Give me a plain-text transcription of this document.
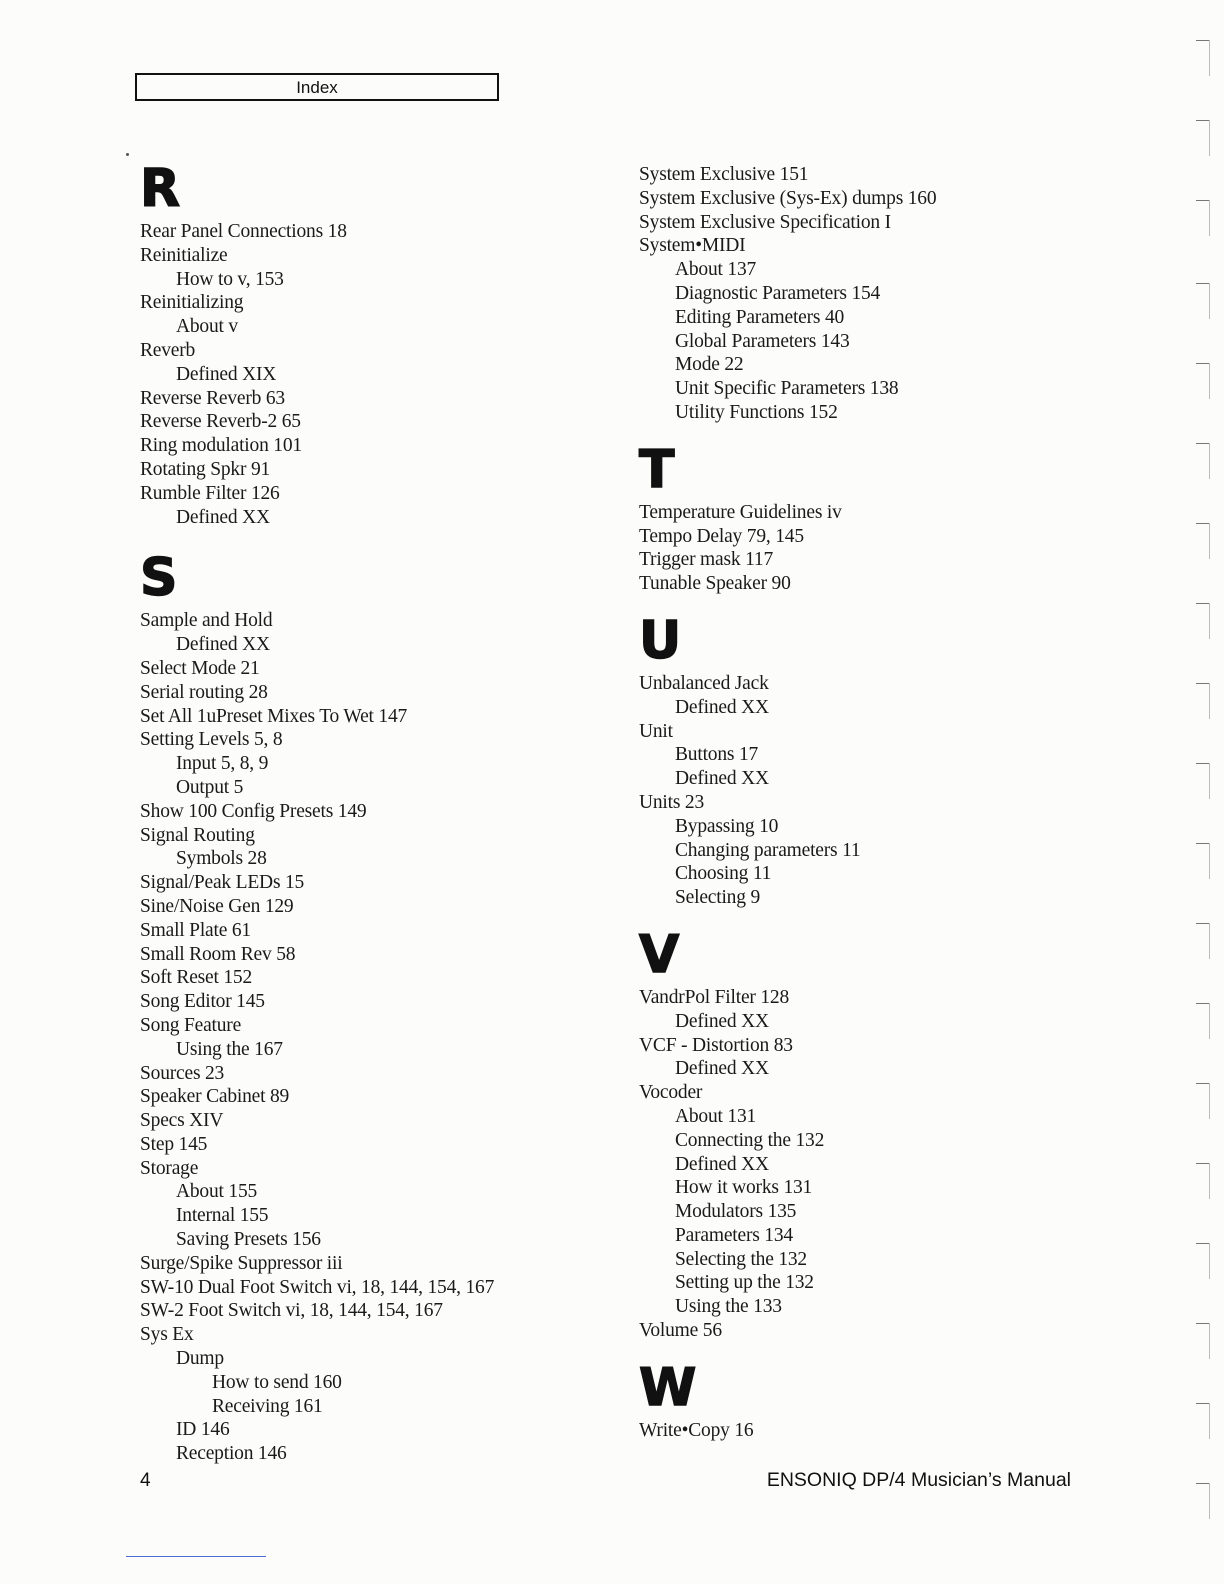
Index
R
Rear Panel Connections 18
Reinitialize
How to v, 153
Reinitializing
About v
Reverb
Defined XIX
Reverse Reverb 63
Reverse Reverb-2 65
Ring modulation 101
Rotating Spkr 91
Rumble Filter 126
Defined XX
S
Sample and Hold
Defined XX
Select Mode 21
Serial routing 28
Set All 1uPreset Mixes To Wet 147
Setting Levels 5, 8
Input 5, 8, 9
Output 5
Show 100 Config Presets 149
Signal Routing
Symbols 28
Signal/Peak LEDs 15
Sine/Noise Gen 129
Small Plate 61
Small Room Rev 58
Soft Reset 152
Song Editor 145
Song Feature
Using the 167
Sources 23
Speaker Cabinet 89
Specs XIV
Step 145
Storage
About 155
Internal 155
Saving Presets 156
Surge/Spike Suppressor iii
SW-10 Dual Foot Switch vi, 18, 144, 154, 167
SW-2 Foot Switch vi, 18, 144, 154, 167
Sys Ex
Dump
How to send 160
Receiving 161
ID 146
Reception 146
System Exclusive 151
System Exclusive (Sys-Ex) dumps 160
System Exclusive Specification I
System•MIDI
About 137
Diagnostic Parameters 154
Editing Parameters 40
Global Parameters 143
Mode 22
Unit Specific Parameters 138
Utility Functions 152
T
Temperature Guidelines iv
Tempo Delay 79, 145
Trigger mask 117
Tunable Speaker 90
U
Unbalanced Jack
Defined XX
Unit
Buttons 17
Defined XX
Units 23
Bypassing 10
Changing parameters 11
Choosing 11
Selecting 9
V
VandrPol Filter 128
Defined XX
VCF - Distortion 83
Defined XX
Vocoder
About 131
Connecting the 132
Defined XX
How it works 131
Modulators 135
Parameters 134
Selecting the 132
Setting up the 132
Using the 133
Volume 56
W
Write•Copy 16
4	ENSONIQ DP/4 Musician’s Manual
